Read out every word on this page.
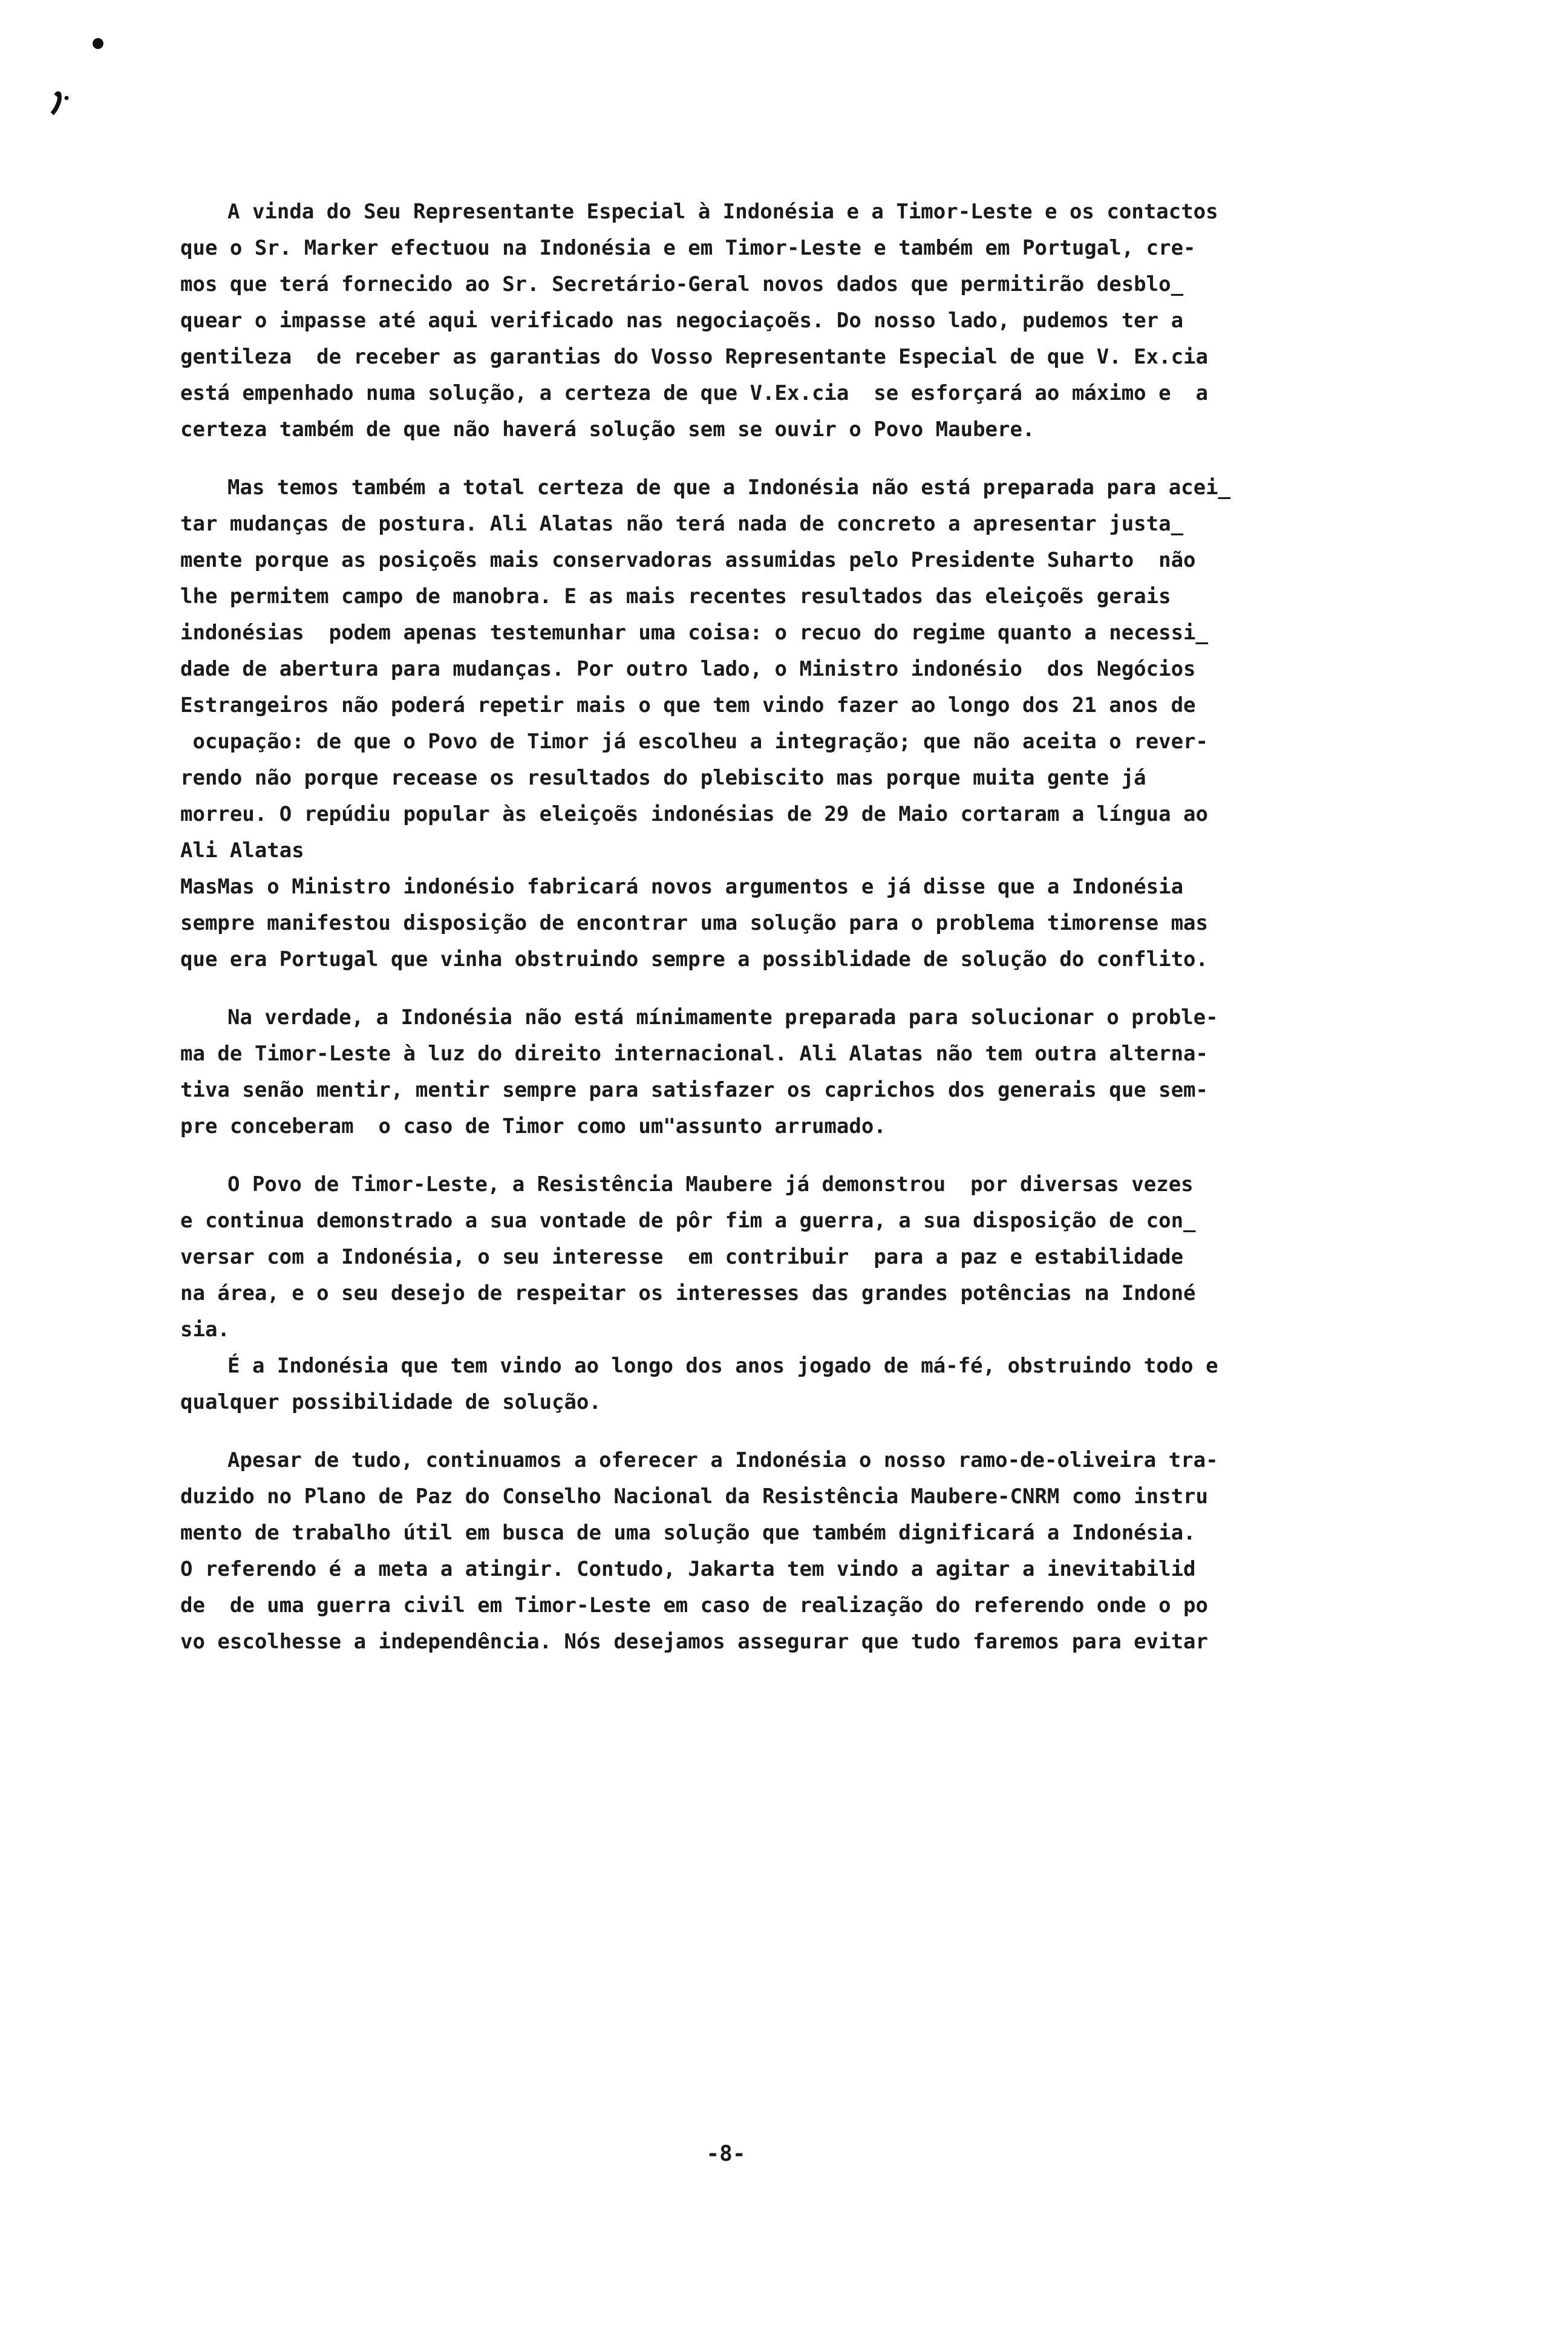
A vinda do Seu Representante Especial à Indonésia e a Timor-Leste e os contactos
que o Sr. Marker efectuou na Indonésia e em Timor-Leste e também em Portugal, cre-
mos que terá fornecido ao Sr. Secretário-Geral novos dados que permitirão desblo_
quear o impasse até aqui verificado nas negociaçoẽs. Do nosso lado, pudemos ter a
gentileza  de receber as garantias do Vosso Representante Especial de que V. Ex.cia
está empenhado numa solução, a certeza de que V.Ex.cia  se esforçará ao máximo e  a
certeza também de que não haverá solução sem se ouvir o Povo Maubere.
Mas temos também a total certeza de que a Indonésia não está preparada para acei_
tar mudanças de postura. Ali Alatas não terá nada de concreto a apresentar justa_
mente porque as posiçoẽs mais conservadoras assumidas pelo Presidente Suharto  não
lhe permitem campo de manobra. E as mais recentes resultados das eleiçoẽs gerais
indonésias  podem apenas testemunhar uma coisa: o recuo do regime quanto a necessi_
dade de abertura para mudanças. Por outro lado, o Ministro indonésio  dos Negócios
Estrangeiros não poderá repetir mais o que tem vindo fazer ao longo dos 21 anos de
ocupação: de que o Povo de Timor já escolheu a integração; que não aceita o rever-
rendo não porque recease os resultados do plebiscito mas porque muita gente já
morreu. O repúdiu popular às eleiçoẽs indonésias de 29 de Maio cortaram a língua ao
Ali Alatas
MasMas o Ministro indonésio fabricará novos argumentos e já disse que a Indonésia
sempre manifestou disposição de encontrar uma solução para o problema timorense mas
que era Portugal que vinha obstruindo sempre a possiblidade de solução do conflito.
Na verdade, a Indonésia não está mínimamente preparada para solucionar o proble-
ma de Timor-Leste à luz do direito internacional. Ali Alatas não tem outra alterna-
tiva senão mentir, mentir sempre para satisfazer os caprichos dos generais que sem-
pre conceberam  o caso de Timor como um"assunto arrumado.
O Povo de Timor-Leste, a Resistência Maubere já demonstrou  por diversas vezes
e continua demonstrado a sua vontade de pôr fim a guerra, a sua disposição de con_
versar com a Indonésia, o seu interesse  em contribuir  para a paz e estabilidade
na área, e o seu desejo de respeitar os interesses das grandes potências na Indoné
sia.
É a Indonésia que tem vindo ao longo dos anos jogado de má-fé, obstruindo todo e
qualquer possibilidade de solução.
Apesar de tudo, continuamos a oferecer a Indonésia o nosso ramo-de-oliveira tra-
duzido no Plano de Paz do Conselho Nacional da Resistência Maubere-CNRM como instru
mento de trabalho útil em busca de uma solução que também dignificará a Indonésia.
O referendo é a meta a atingir. Contudo, Jakarta tem vindo a agitar a inevitabilid
de  de uma guerra civil em Timor-Leste em caso de realização do referendo onde o po
vo escolhesse a independência. Nós desejamos assegurar que tudo faremos para evitar
-8-
